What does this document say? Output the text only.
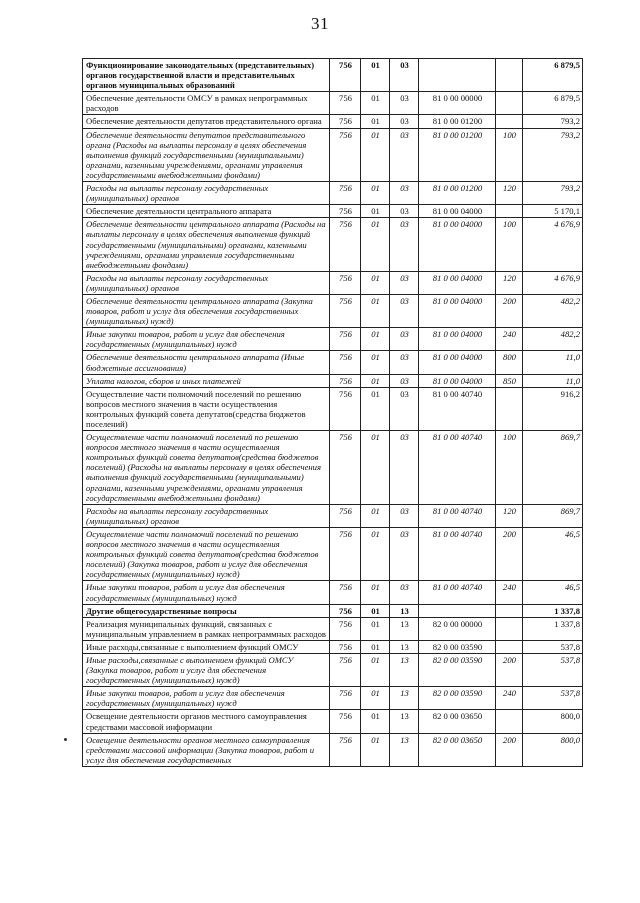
31
Функционирование законодательных (представительных) органов государственной власти и представительных органов муниципальных образований	756	01	03			6 879,5
Обеспечение деятельности ОМСУ в рамках непрограммных расходов	756	01	03	81 0 00 00000		6 879,5
Обеспечение деятельности депутатов представительного органа	756	01	03	81 0 00 01200		793,2
Обеспечение деятельности депутатов представительного органа (Расходы на выплаты персоналу в целях обеспечения выполнения функций государственными (муниципальными) органами, казенными учреждениями, органами управления государственными внебюджетными фондами)	756	01	03	81 0 00 01200	100	793,2
Расходы на выплаты персоналу государственных (муниципальных) органов	756	01	03	81 0 00 01200	120	793,2
Обеспечение деятельности центрального аппарата	756	01	03	81 0 00 04000		5 170,1
Обеспечение деятельности центрального аппарата (Расходы на выплаты персоналу в целях обеспечения выполнения функций государственными (муниципальными) органами, казенными учреждениями, органами управления государственными внебюджетными фондами)	756	01	03	81 0 00 04000	100	4 676,9
Расходы на выплаты персоналу государственных (муниципальных) органов	756	01	03	81 0 00 04000	120	4 676,9
Обеспечение деятельности центрального аппарата (Закупка товаров, работ и услуг для обеспечения государственных (муниципальных) нужд)	756	01	03	81 0 00 04000	200	482,2
Иные закупки товаров, работ и услуг для обеспечения государственных (муниципальных) нужд	756	01	03	81 0 00 04000	240	482,2
Обеспечение деятельности центрального аппарата (Иные бюджетные ассигнования)	756	01	03	81 0 00 04000	800	11,0
Уплата налогов, сборов и иных платежей	756	01	03	81 0 00 04000	850	11,0
Осуществление части полномочий поселений по решению вопросов местного значения в части осуществления контрольных функций совета депутатов(средства бюджетов поселений)	756	01	03	81 0 00 40740		916,2
Осуществление части полномочий поселений по решению вопросов местного значения в части осуществления контрольных функций совета депутатов(средства бюджетов поселений) (Расходы на выплаты персоналу в целях обеспечения выполнения функций государственными (муниципальными) органами, казенными учреждениями, органами управления государственными внебюджетными фондами)	756	01	03	81 0 00 40740	100	869,7
Расходы на выплаты персоналу государственных (муниципальных) органов	756	01	03	81 0 00 40740	120	869,7
Осуществление части полномочий поселений по решению вопросов местного значения в части осуществления контрольных функций совета депутатов(средства бюджетов поселений) (Закупка товаров, работ и услуг для обеспечения государственных (муниципальных) нужд)	756	01	03	81 0 00 40740	200	46,5
Иные закупки товаров, работ и услуг для обеспечения государственных (муниципальных) нужд	756	01	03	81 0 00 40740	240	46,5
Другие общегосударственные вопросы	756	01	13			1 337,8
Реализация муниципальных функций, связанных с муниципальным управлением в рамках непрограммных расходов	756	01	13	82 0 00 00000		1 337,8
Иные расходы,связанные с выполнением функций ОМСУ	756	01	13	82 0 00 03590		537,8
Иные расходы,связанные с выполнением функций ОМСУ (Закупка товаров, работ и услуг для обеспечения государственных (муниципальных) нужд)	756	01	13	82 0 00 03590	200	537,8
Иные закупки товаров, работ и услуг для обеспечения государственных (муниципальных) нужд	756	01	13	82 0 00 03590	240	537,8
Освещение деятельности органов местного самоуправления средствами массовой информации	756	01	13	82 0 00 03650		800,0
Освещение деятельности органов местного самоуправления средствами массовой информации (Закупка товаров, работ и услуг для обеспечения государственных	756	01	13	82 0 00 03650	200	800,0
